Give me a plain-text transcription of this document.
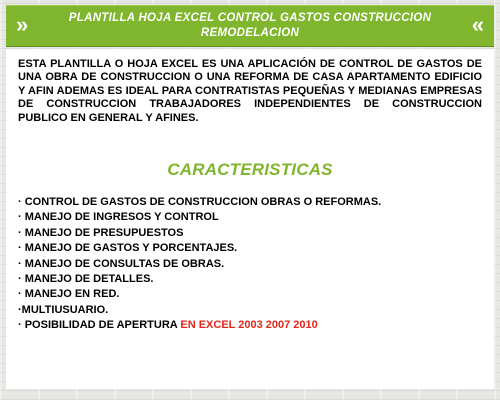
»	PLANTILLA HOJA EXCEL CONTROL GASTOS CONSTRUCCION
REMODELACION	«

ESTA PLANTILLA O HOJA EXCEL ES UNA APLICACIÓN DE CONTROL DE GASTOS DE UNA OBRA DE CONSTRUCCION O UNA REFORMA DE CASA APARTAMENTO EDIFICIO Y AFIN ADEMAS ES IDEAL PARA CONTRATISTAS PEQUEÑAS Y MEDIANAS EMPRESAS DE CONSTRUCCION TRABAJADORES INDEPENDIENTES DE CONSTRUCCION PUBLICO EN GENERAL Y AFINES.

CARACTERISTICAS
· CONTROL DE GASTOS DE CONSTRUCCION OBRAS O REFORMAS.
· MANEJO DE INGRESOS Y CONTROL
· MANEJO DE PRESUPUESTOS
· MANEJO DE GASTOS Y PORCENTAJES.
· MANEJO DE CONSULTAS DE OBRAS.
· MANEJO DE DETALLES.
· MANEJO EN RED.
·MULTIUSUARIO.
· POSIBILIDAD DE APERTURA EN EXCEL 2003 2007 2010
